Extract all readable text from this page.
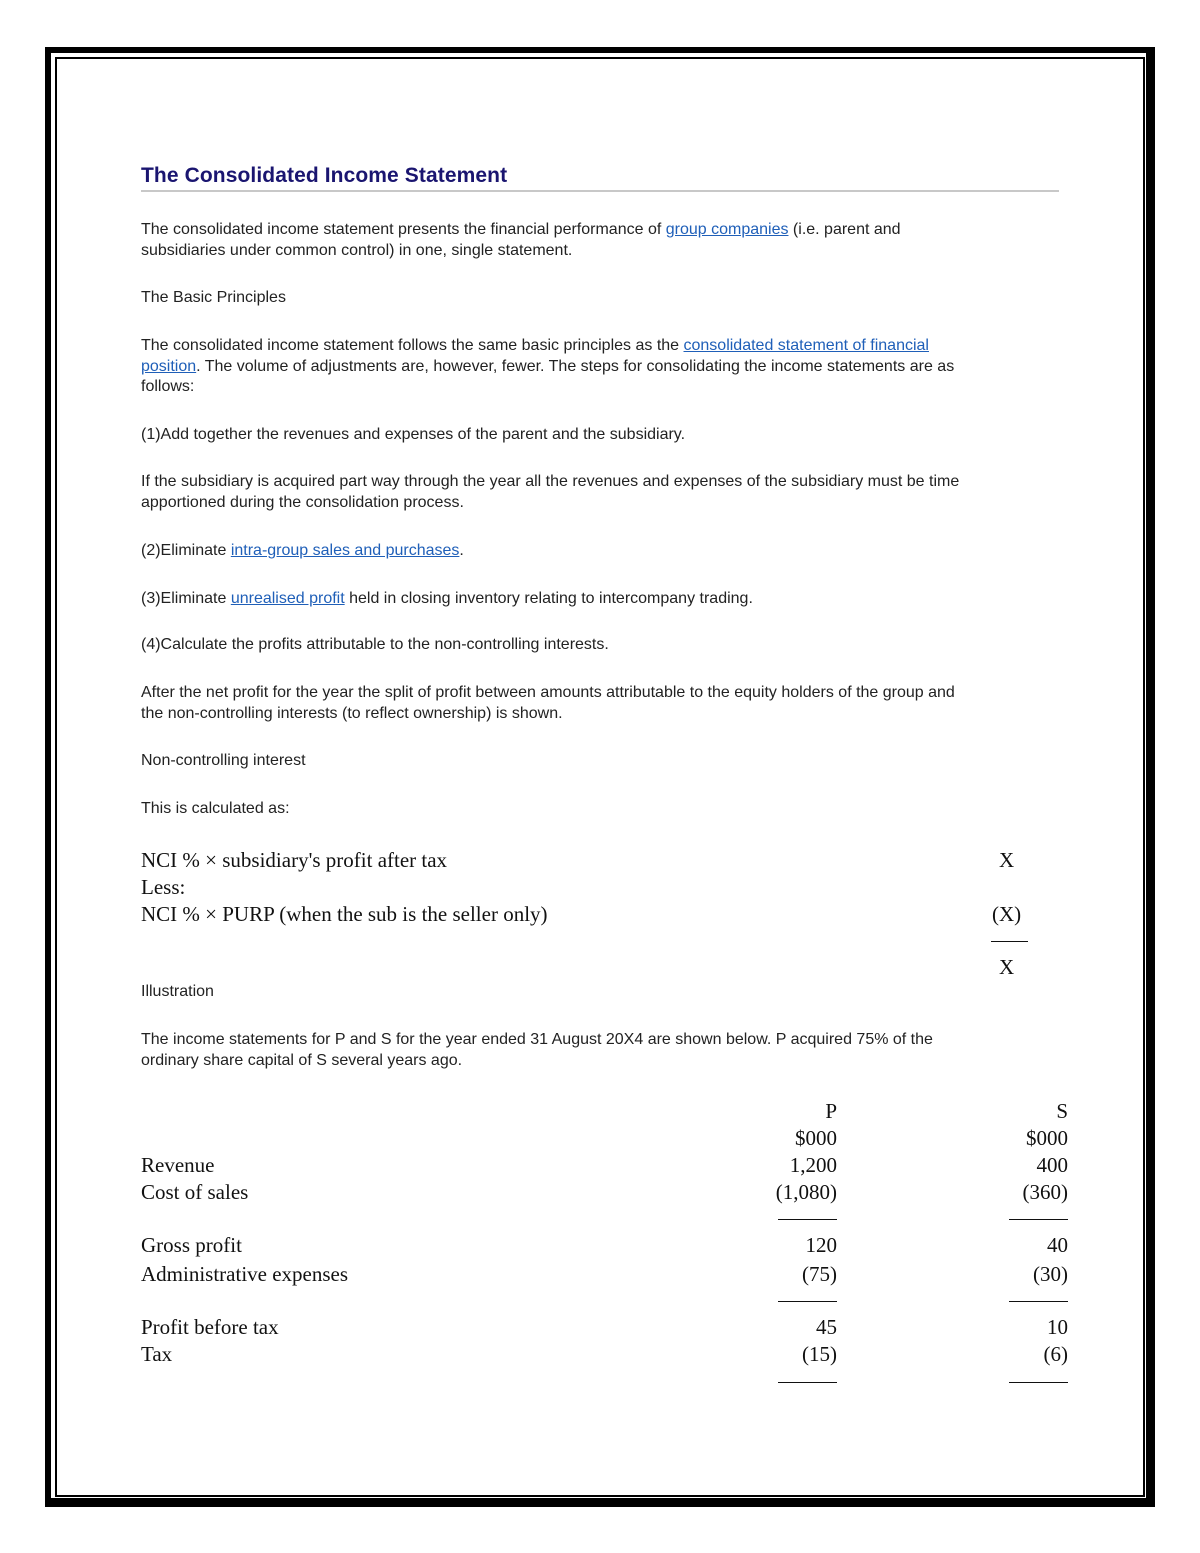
The Consolidated Income Statement
The consolidated income statement presents the financial performance of group companies (i.e. parent and
subsidiaries under common control) in one, single statement.
The Basic Principles
The consolidated income statement follows the same basic principles as the consolidated statement of financial
position. The volume of adjustments are, however, fewer. The steps for consolidating the income statements are as
follows:
(1)Add together the revenues and expenses of the parent and the subsidiary.
If the subsidiary is acquired part way through the year all the revenues and expenses of the subsidiary must be time
apportioned during the consolidation process.
(2)Eliminate intra-group sales and purchases.
(3)Eliminate unrealised profit held in closing inventory relating to intercompany trading.
(4)Calculate the profits attributable to the non-controlling interests.
After the net profit for the year the split of profit between amounts attributable to the equity holders of the group and
the non-controlling interests (to reflect ownership) is shown.
Non-controlling interest
This is calculated as:
NCI % × subsidiary's profit after tax	X
Less:
NCI % × PURP (when the sub is the seller only)	(X)
X
Illustration
The income statements for P and S for the year ended 31 August 20X4 are shown below. P acquired 75% of the
ordinary share capital of S several years ago.
P	S
$000	$000
Revenue	1,200	400
Cost of sales	(1,080)	(360)
Gross profit	120	40
Administrative expenses	(75)	(30)
Profit before tax	45	10
Tax	(15)	(6)
